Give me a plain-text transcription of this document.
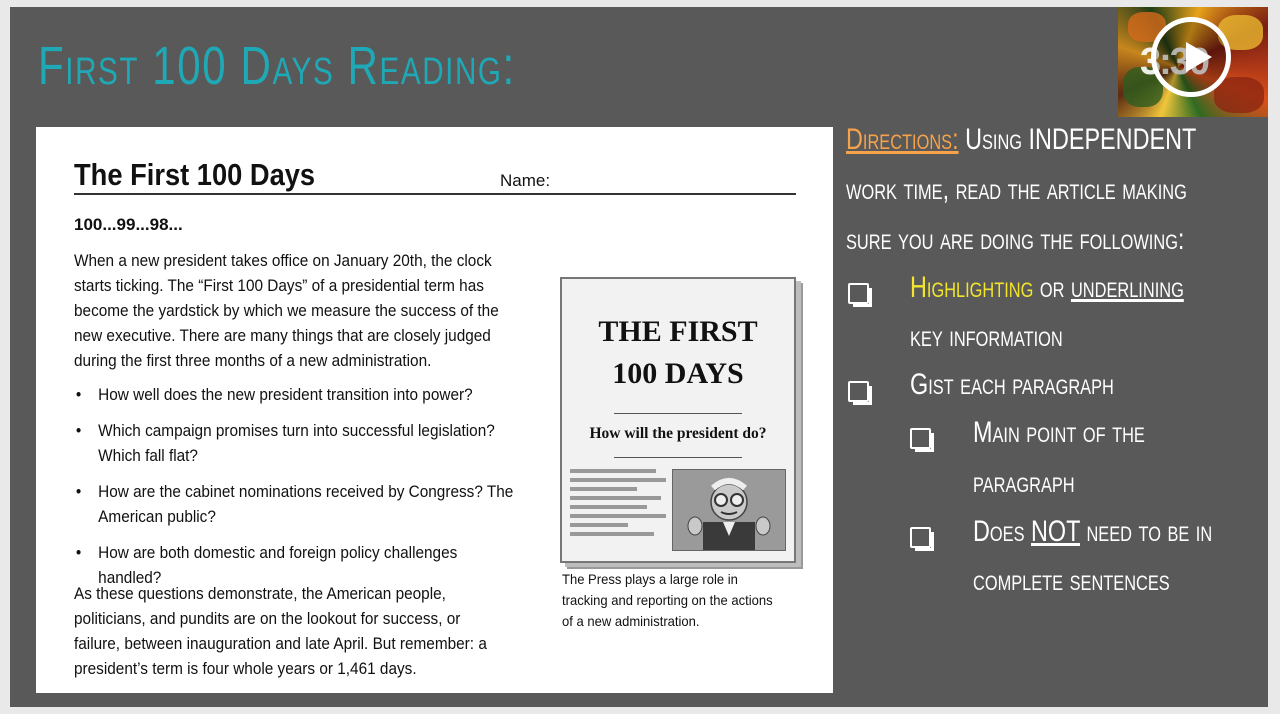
First 100 Days Reading:	3:30
The First 100 Days	Name:
100...99...98...
When a new president takes office on January 20th, the clock starts ticking. The “First 100 Days” of a presidential term has become the yardstick by which we measure the success of the new executive. There are many things that are closely judged during the first three months of a new administration.
• How well does the new president transition into power?
• Which campaign promises turn into successful legislation? Which fall flat?
• How are the cabinet nominations received by Congress? The American public?
• How are both domestic and foreign policy challenges handled?
As these questions demonstrate, the American people, politicians, and pundits are on the lookout for success, or failure, between inauguration and late April. But remember: a president’s term is four whole years or 1,461 days.
THE FIRST
100 DAYS
How will the president do?
The Press plays a large role in tracking and reporting on the actions of a new administration.
Directions: Using INDEPENDENT
work time, read the article making
sure you are doing the following:
Highlighting or underlining
key information
Gist each paragraph
Main point of the
paragraph
Does NOT need to be in
complete sentences
